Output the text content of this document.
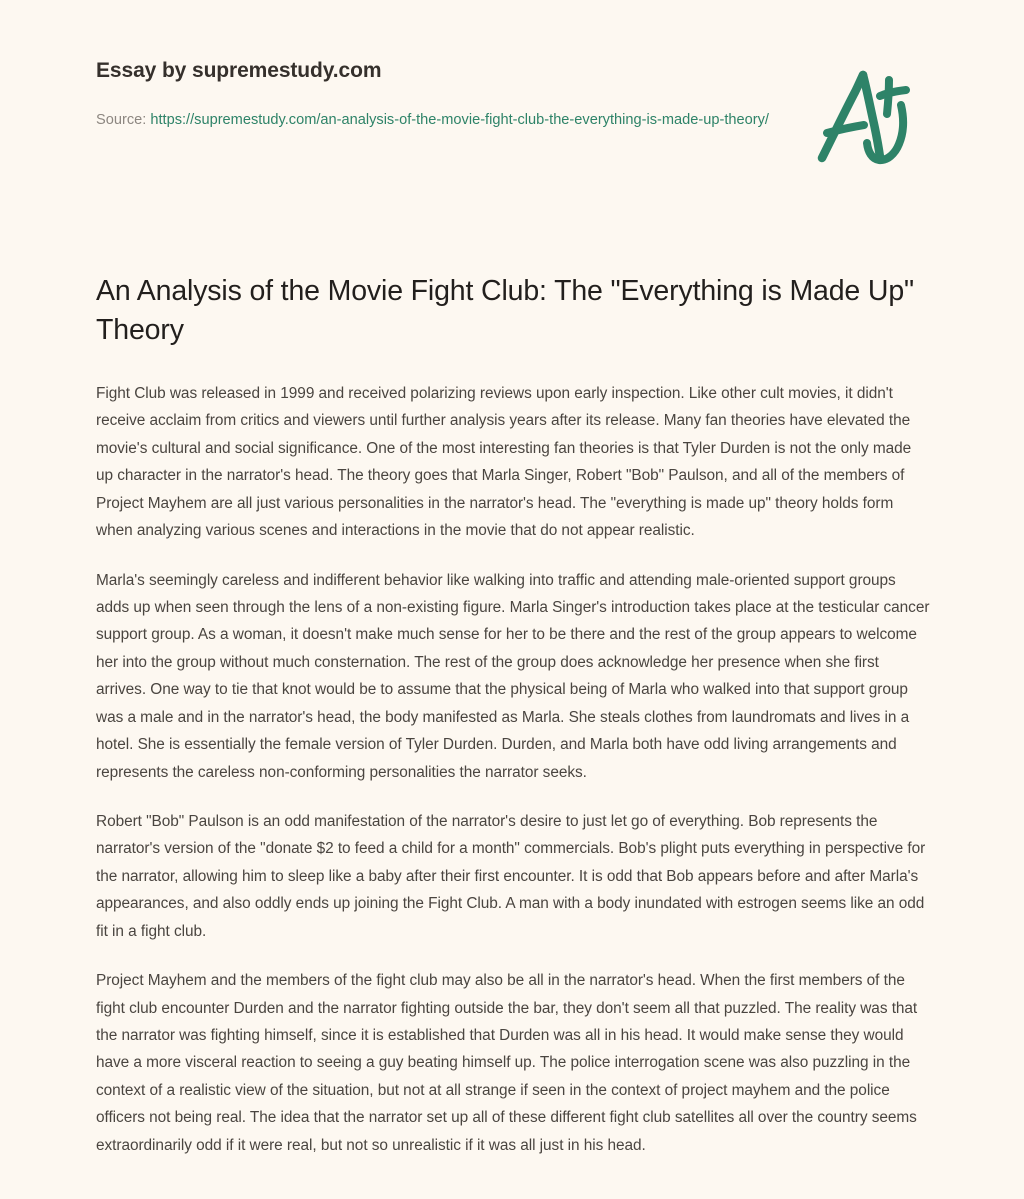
Essay by supremestudy.com
Source: https://supremestudy.com/an-analysis-of-the-movie-fight-club-the-everything-is-made-up-theory/
An Analysis of the Movie Fight Club: The "Everything is Made Up" Theory

Fight Club was released in 1999 and received polarizing reviews upon early inspection. Like other cult movies, it didn't receive acclaim from critics and viewers until further analysis years after its release. Many fan theories have elevated the movie's cultural and social significance. One of the most interesting fan theories is that Tyler Durden is not the only made up character in the narrator's head. The theory goes that Marla Singer, Robert "Bob" Paulson, and all of the members of Project Mayhem are all just various personalities in the narrator's head. The "everything is made up" theory holds form when analyzing various scenes and interactions in the movie that do not appear realistic.

Marla's seemingly careless and indifferent behavior like walking into traffic and attending male-oriented support groups adds up when seen through the lens of a non-existing figure. Marla Singer's introduction takes place at the testicular cancer support group. As a woman, it doesn't make much sense for her to be there and the rest of the group appears to welcome her into the group without much consternation. The rest of the group does acknowledge her presence when she first arrives. One way to tie that knot would be to assume that the physical being of Marla who walked into that support group was a male and in the narrator's head, the body manifested as Marla. She steals clothes from laundromats and lives in a hotel. She is essentially the female version of Tyler Durden. Durden, and Marla both have odd living arrangements and represents the careless non-conforming personalities the narrator seeks.

Robert "Bob" Paulson is an odd manifestation of the narrator's desire to just let go of everything. Bob represents the narrator's version of the "donate $2 to feed a child for a month" commercials. Bob's plight puts everything in perspective for the narrator, allowing him to sleep like a baby after their first encounter. It is odd that Bob appears before and after Marla's appearances, and also oddly ends up joining the Fight Club. A man with a body inundated with estrogen seems like an odd fit in a fight club.

Project Mayhem and the members of the fight club may also be all in the narrator's head. When the first members of the fight club encounter Durden and the narrator fighting outside the bar, they don't seem all that puzzled. The reality was that the narrator was fighting himself, since it is established that Durden was all in his head. It would make sense they would have a more visceral reaction to seeing a guy beating himself up. The police interrogation scene was also puzzling in the context of a realistic view of the situation, but not at all strange if seen in the context of project mayhem and the police officers not being real. The idea that the narrator set up all of these different fight club satellites all over the country seems extraordinarily odd if it were real, but not so unrealistic if it was all just in his head.
